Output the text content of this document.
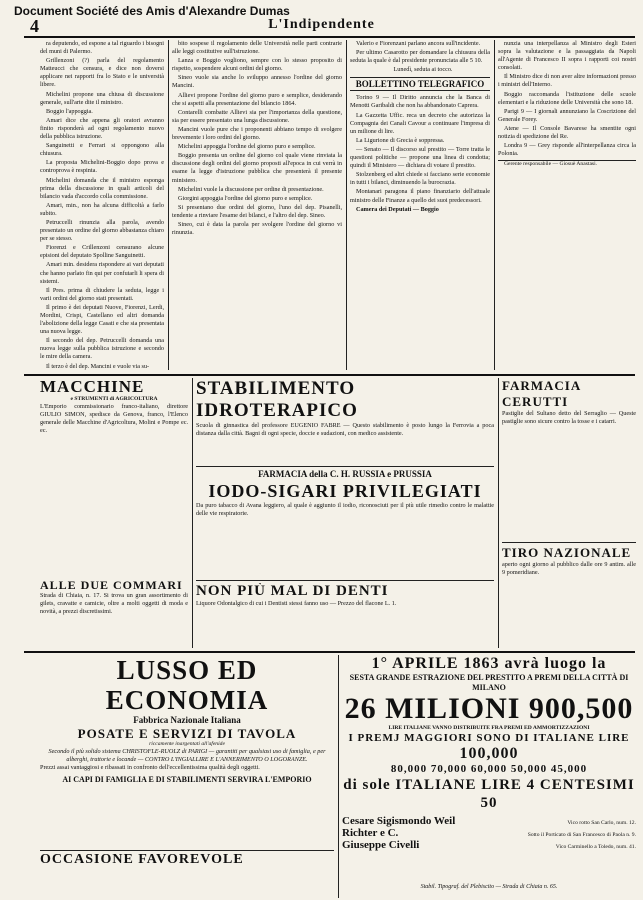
Document Société des Amis d'Alexandre Dumas
4	L'Indipendente

ra deputendo, ed espone a tal riguardo i bisogni del muni di Palermo.

Grillenzoni (?) parla del regolamento Matteucci che censura, e dice non doversi applicare nei rapporti fra lo Stato e le università libere.

Michelini propone una chiusa di discussione generale, sull'arte dite il ministro.

Boggio l'appoggia.

Amari dice che appena gli oratori avranno finito risponderà ad ogni regolamento nuovo della pubblica istruzione.

Sanguinetti e Ferrari si oppongono alla chiusura.

La proposta Michelini-Boggio dopo prova e controprova è respinta.

Michelini domanda che il ministro esponga prima della discussione in quali articoli del bilancio vada d'accordo colla commissione.

Amari, min., non ha alcuna difficoltà a farlo subito.

Petruccelli rinunzia alla parola, avendo presentato un ordine del giorno abbastanza chiaro per se stesso.

Fiorenzi e Crillenzoni censurano alcune episioni del deputato Spolline Sanguinetti.

Amari min. desidera rispondere ai vari deputati che hanno parlato fin qui per confutarli li spera di sistemi.

Il Pres. prima di chiudere la seduta, legge i varii ordini del giorno stati presentati.

Il primo è dei deputati Nuove, Fiorenzi, Lerdi, Mordini, Crispi, Castellano ed altri domanda l'abolizione della legge Casati e che sia presentata una nuova legge.

Il secondo del dep. Petruccelli domanda una nuova legge sulla pubblica istruzione e secondo le mire della camera.

Il terzo è del dep. Mancini e vuole via su-

bito sospese il regolamento delle Università nelle parti contrarie alle leggi costitutive sull'istruzione.

Lanza e Boggio vogliono, sempre con lo stesso proposito di rispetto, sospendere alcuni ordini del giorno.

Sineo vuole sia anche lo sviluppo annesso l'ordine del giorno Mancini.

Allievi propone l'ordine del giorno puro e semplice, desiderando che si aspetti alla presentazione del bilancio 1864.

Contarelli combatte Allievi sia per l'importanza della questione, sia per essere presentato una lunga discussione.

Mancini vuole pure che i proponenti abbiano tempo di svolgere brevemente i loro ordini del giorno.

Michelini appoggia l'ordine del giorno puro e semplice.

Boggio presenta un ordine del giorno col quale viene rinviata la discussione degli ordini del giorno proposti all'epoca in cui verrà in esame la legge d'istruzione pubblica che presenterà il presente ministero.

Michelini vuole la discussione per ordine di presentazione.

Giorgini appoggia l'ordine del giorno puro e semplice.

Si presentano due ordini del giorno, l'uno del dep. Pisanelli, tendente a rinviare l'esame dei bilanci, e l'altro del dep. Sineo.

Sineo, cui è data la parola per svolgere l'ordine del giorno vi rinunzia.

Valerio e Fiorenzani parlano ancora sull'incidente.

Per ultimo Casarotto per domandare la chiusura della seduta la quale è dal presidente pronunciata alle 5 10.

Lunedì, seduta ai tocco.

BOLLETTINO TELEGRAFICO

Torino 9 — Il Diritto annuncia che la Banca di Menotti Garibaldi che non ha abbandonato Caprera.

La Gazzetta Uffic. reca un decreto che autorizza la Compagnia dei Canali Cavour a continuare l'impresa di un milione di lire.

La Ligurione di Grecia è soppressa.

— Senato — Il discorso sul prestito — Torre tratta le questioni politiche — propone una linea di condotta; quindi il Ministero — dichiara di votare il prestito.

Stolzenberg ed altri chiede si facciano serie economie in tutti i bilanci, diminuendo la burocrazia.

Montanari paragona il piano finanziario dell'attuale ministro delle Finanze a quello dei suoi predecessori.

Camera dei Deputati — Boggio

nunzia una interpellanza al Ministro degli Esteri sopra la valutazione e la passaggiata da Napoli all'Agente di Francesco II sopra i rapporti coi nostri consolati.

Il Ministro dice di non aver altre informazioni presso i ministri dell'Interno.

Boggio raccomanda l'istituzione delle scuole elementari e la riduzione delle Università che sono 18.

Parigi 9 — I giornali annunziano la Coscrizione del Generale Forey.

Atene — Il Console Bavarese ha smentite ogni notizia di spedizione del Re.

Londra 9 — Grey risponde all'interpellanza circa la Polonia.

Gerente responsabile — Giosuè Anastasi.

MACCHINE
e STRUMENTI di AGRICOLTURA
L'Emporio commissionario franco-italiano, direttore GIULIO SIMON, spedisce da Genova, franco, l'Elenco generale delle Macchine d'Agricoltura, Molini e Pompe ec. ec.
ALLE DUE COMMARI
Strada di Chiaia, n. 17. Si trova un gran assortimento di gilets, cravatte e camicie, oltre a molti oggetti di moda e novità, a prezzi discretissimi.
STABILIMENTO IDROTERAPICO
Scuola di ginnastica del professore EUGENIO FABRE — Questo stabilimento è posto lungo la Ferrovia a poca distanza dalla città. Bagni di ogni specie, doccie e sudazioni, con medico assistente.
FARMACIA della C. H. RUSSIA e PRUSSIA
IODO-SIGARI PRIVILEGIATI
Da puro tabacco di Avana leggiero, al quale è aggiunto il iodio, riconosciuti per il più utile rimedio contro le malattie delle vie respiratorie.
NON PIÙ MAL DI DENTI
Liquore Odontalgico di cui i Dentisti stessi fanno uso — Prezzo del flacone L. 1.
FARMACIA CERUTTI
Pastiglie del Sultano detto del Serraglio — Queste pastiglie sono sicure contro la tosse e i catarri.
TIRO NAZIONALE
aperto ogni giorno al pubblico dalle ore 9 antim. alle 9 pomeridiane.
LUSSO ED ECONOMIA
Fabbrica Nazionale Italiana
POSATE E SERVIZI DI TAVOLA
riccamente inargentati all'afenide
Secondo il più solido sistema CHRISTOFLE-RUOLZ di PARIGI — garantiti per qualsiasi uso di famiglia, e per alberghi, trattorie e locande — CONTRO L'INGIALLIRE E L'ANNERIMENTO O LOGORANZE.
Prezzi assai vantaggiosi e ribassati in confronto dell'eccellentissima qualità degli oggetti.
AI CAPI DI FAMIGLIA E DI STABILIMENTI SERVIRA L'EMPORIO
OCCASIONE FAVOREVOLE
1° APRILE 1863 avrà luogo la
SESTA GRANDE ESTRAZIONE DEL PRESTITO A PREMI DELLA CITTÀ DI MILANO
26 MILIONI 900,500
LIRE ITALIANE VANNO DISTRIBUITE FRA PREMI ED AMMORTIZZAZIONI
I PREMJ MAGGIORI SONO DI ITALIANE LIRE
100,000
80,000 70,000 60,000 50,000 45,000
di sole ITALIANE LIRE 4 CENTESIMI 50
Cesare Sigismondo Weil	Vico rotto San Carlo, num. 12.
Richter e C.	Sotto il Porticato di San Francesco di Paola n. 9.
Giuseppe Civelli	Vico Carminello a Toledo, num. 41.
Stabil. Tipograf. del Plebiscito — Strada di Chiaia n. 65.
